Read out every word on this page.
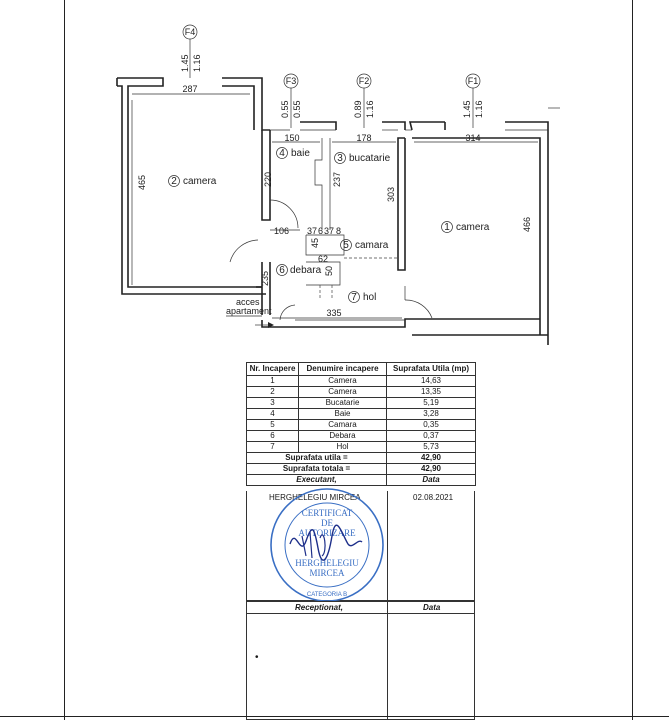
F4
1.45 1.16
F3
0.55 0.55
F2
0.89 1.16
F1
1.45 1.16
287
150	178	314
465	220	237
303
466
106 37 6 37 8
45
62
50
235
335
2 camera
4 baie	3 bucatarie
1 camera
5 camara
6 debara
7 hol
acces
apartament
Nr. Incapere	Denumire incapere	Suprafata Utila (mp)
1	Camera	14,63
2	Camera	13,35
3	Bucatarie	5,19
4	Baie	3,28
5	Camara	0,35
6	Debara	0,37
7	Hol	5,73
Suprafata utila =		42,90
Suprafata totala =		42,90
Executant,		Data
HERGHELEGIU MIRCEA	02.08.2021
CERTIFICAT
DE
AUTORIZARE
HERGHELEGIU
MIRCEA
CATEGORIA B
Receptionat,	Data
•
